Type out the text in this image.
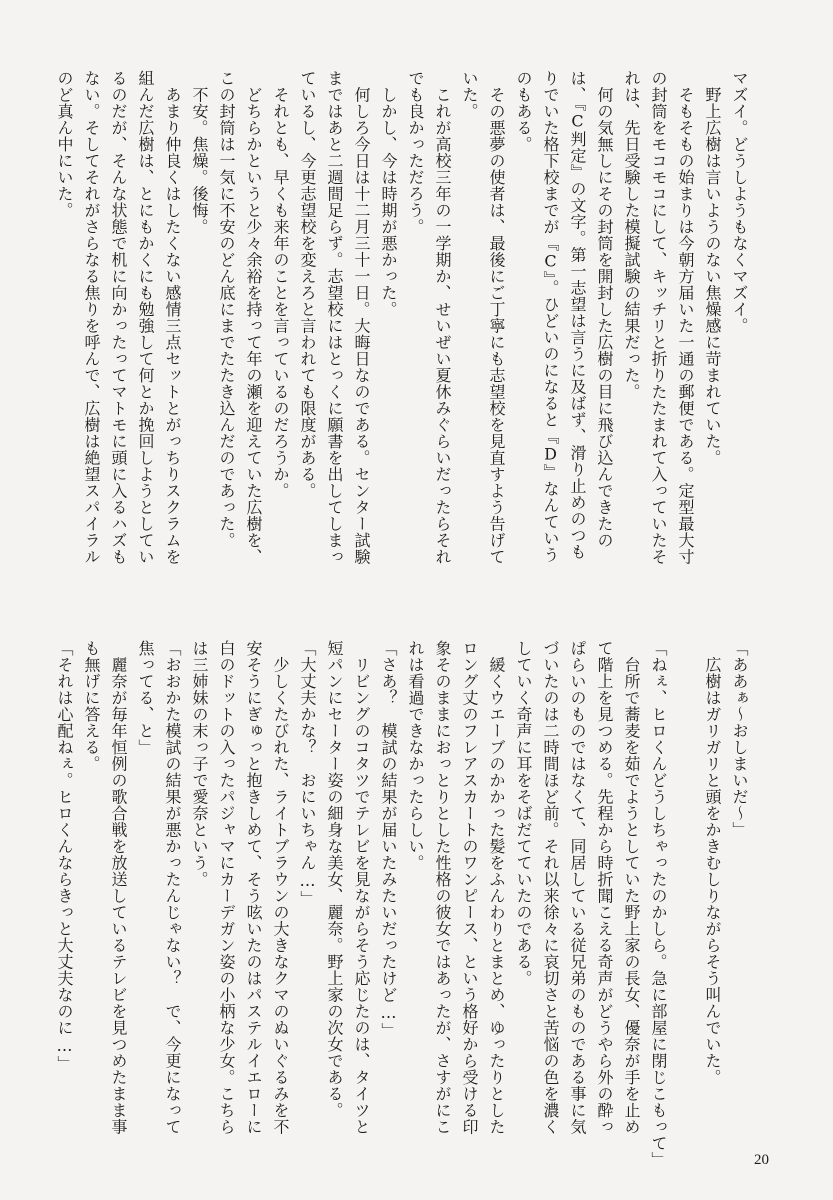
マズイ。どうしようもなくマズイ。

　野上広樹は言いようのない焦燥感に苛まれていた。

　そもそもの始まりは今朝方届いた一通の郵便である。定型最大寸

の封筒をモコモコにして、キッチリと折りたたまれて入っていたそ

れは、先日受験した模擬試験の結果だった。

　何の気無しにその封筒を開封した広樹の目に飛び込んできたの

は、『C判定』の文字。第一志望は言うに及ばず、滑り止めのつも

りでいた格下校までが『C』。ひどいのになると『D』なんていう

のもある。

　その悪夢の使者は、最後にご丁寧にも志望校を見直すよう告げて

いた。

　これが高校三年の一学期か、せいぜい夏休みぐらいだったらそれ

でも良かっただろう。

　しかし、今は時期が悪かった。

　何しろ今日は十二月三十一日。大晦日なのである。センター試験

まではあと二週間足らず。志望校にはとっくに願書を出してしまっ

ているし、今更志望校を変えろと言われても限度がある。

　それとも、早くも来年のことを言っているのだろうか。

　どちらかというと少々余裕を持って年の瀬を迎えていた広樹を、

この封筒は一気に不安のどん底にまでたたき込んだのであった。

　不安。焦燥。後悔。

　あまり仲良くはしたくない感情三点セットとがっちりスクラムを

組んだ広樹は、とにもかくにも勉強して何とか挽回しようとしてい

るのだが、そんな状態で机に向かったってマトモに頭に入るハズも

ない。そしてそれがさらなる焦りを呼んで、広樹は絶望スパイラル

のど真ん中にいた。

「ああぁ～おしまいだ～」

　広樹はガリガリと頭をかきむしりながらそう叫んでいた。

「ねぇ、ヒロくんどうしちゃったのかしら。急に部屋に閉じこもって」

　台所で蕎麦を茹でようとしていた野上家の長女、優奈が手を止め

て階上を見つめる。先程から時折聞こえる奇声がどうやら外の酔っ

ぱらいのものではなくて、同居している従兄弟のものである事に気

づいたのは二時間ほど前。それ以来徐々に哀切さと苦悩の色を濃く

していく奇声に耳をそばだてていたのである。

　緩くウエーブのかかった髪をふんわりとまとめ、ゆったりとした

ロング丈のフレアスカートのワンピース、という格好から受ける印

象そのままにおっとりとした性格の彼女ではあったが、さすがにこ

れは看過できなかったらしい。

「さあ？　模試の結果が届いたみたいだったけど…」

　リビングのコタツでテレビを見ながらそう応じたのは、タイツと

短パンにセーター姿の細身な美女、麗奈。野上家の次女である。

「大丈夫かな？　おにいちゃん…」

　少しくたびれた、ライトブラウンの大きなクマのぬいぐるみを不

安そうにぎゅっと抱きしめて、そう呟いたのはパステルイエローに

白のドットの入ったパジャマにカーデガン姿の小柄な少女。こちら

は三姉妹の末っ子で愛奈という。

「おおかた模試の結果が悪かったんじゃない？　で、今更になって

焦ってる、と」

　麗奈が毎年恒例の歌合戦を放送しているテレビを見つめたまま事

も無げに答える。

「それは心配ねぇ。ヒロくんならきっと大丈夫なのに…」

20
